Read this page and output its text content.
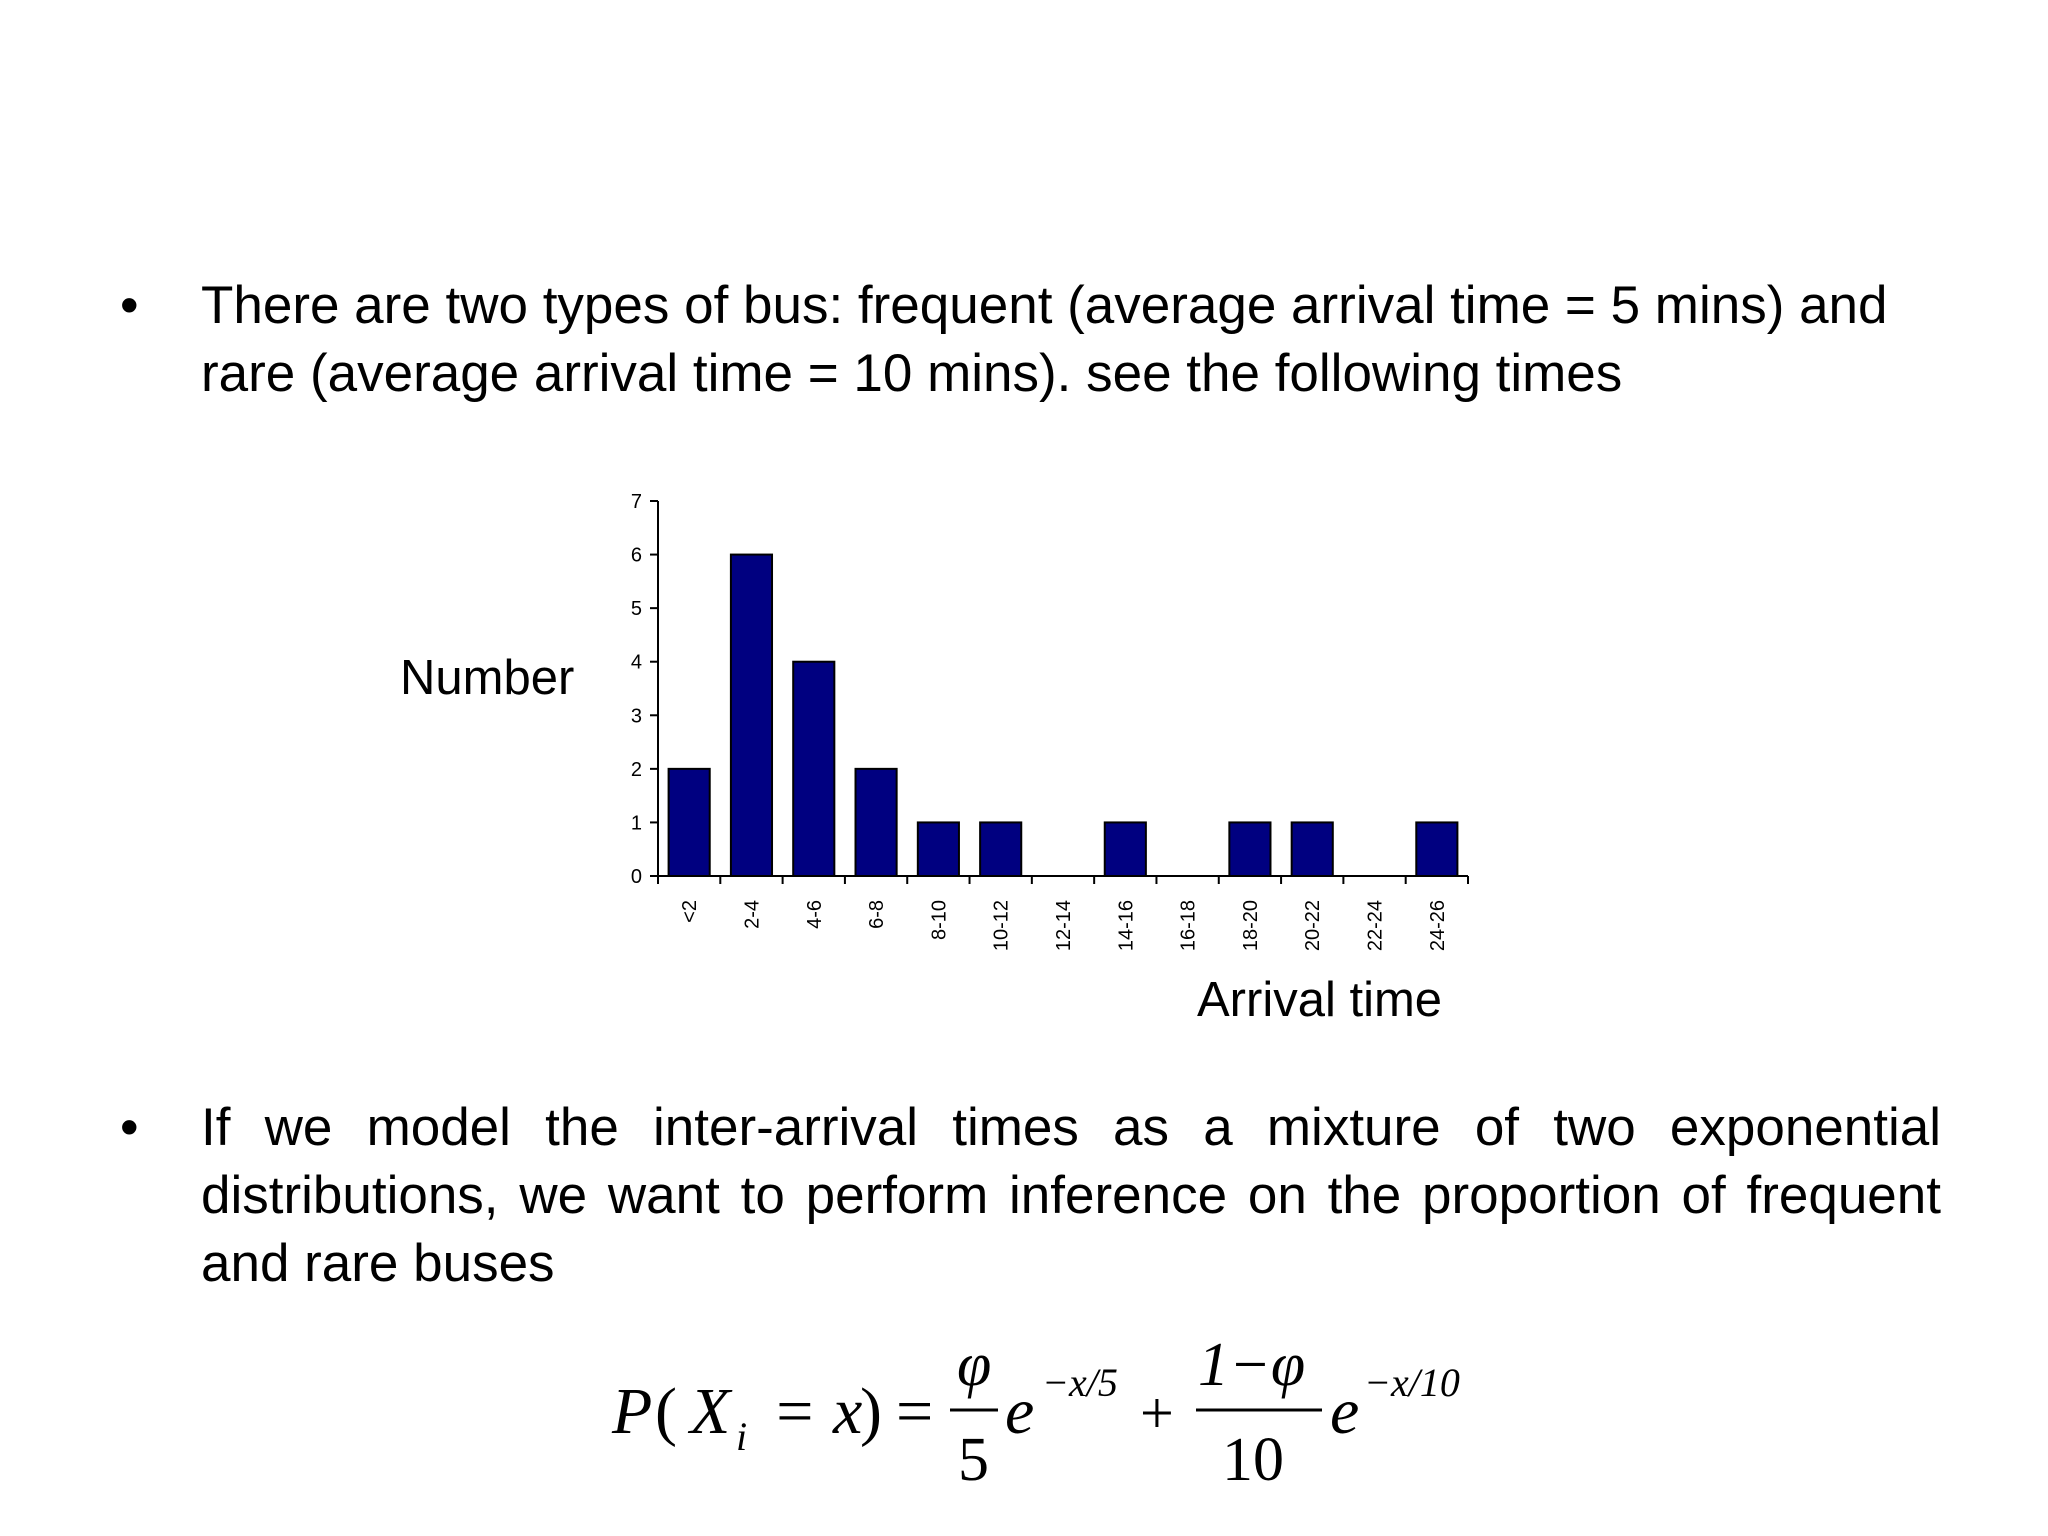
• There are two types of bus: frequent (average arrival time = 5 mins) and rare (average arrival time = 10 mins). see the following times
Number
Arrival time
0
1
2
3
4
5
6
7
<2 2-4 4-6 6-8 8-10 10-12 12-14 14-16 16-18 18-20 20-22 22-24 24-26
• If we model the inter-arrival times as a mixture of two exponential distributions, we want to perform inference on the proportion of frequent and rare buses
P ( X i = x
) =
φ
5
e −x/5 +
1−φ
10
e −x/10
